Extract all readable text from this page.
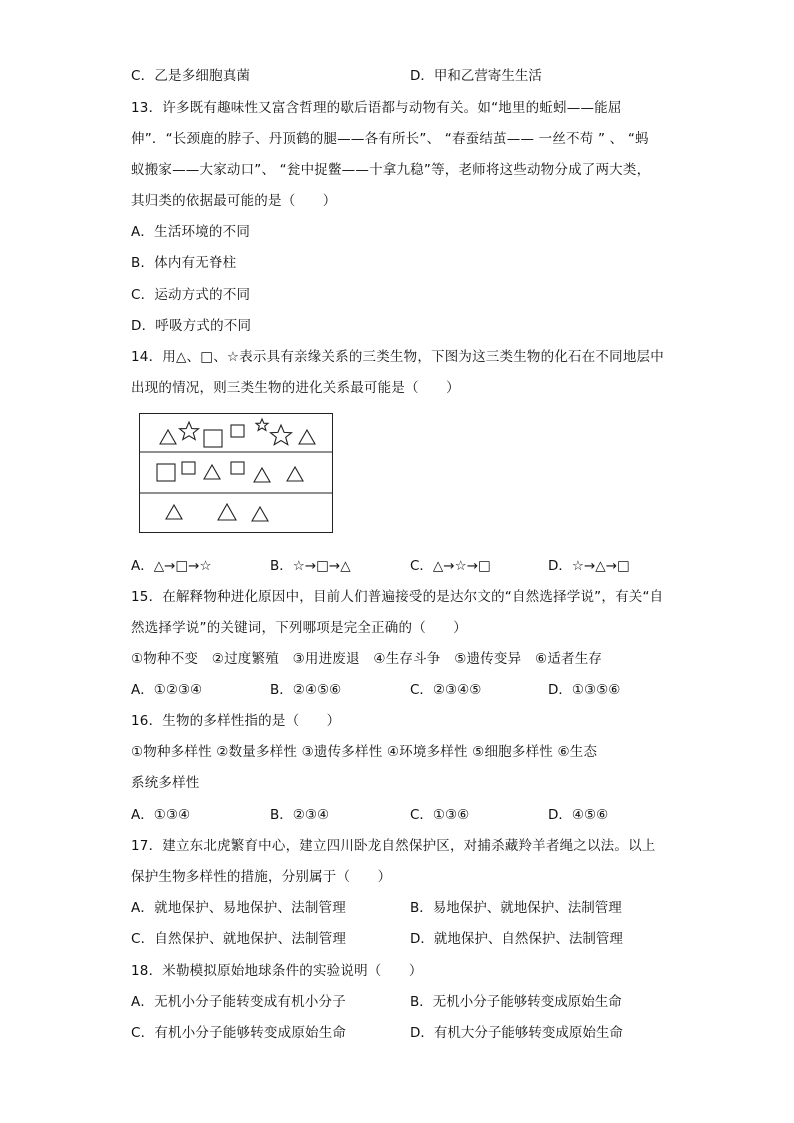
C．乙是多细胞真菌	D．甲和乙营寄生生活
13．许多既有趣味性又富含哲理的歇后语都与动物有关。如“地里的蚯蚓——能屈
伸”．“长颈鹿的脖子、丹顶鹤的腿——各有所长”、 “春蚕结茧—— 一丝不苟 ” 、 “蚂
蚁搬家——大家动口”、 “瓮中捉鳖——十拿九稳”等，老师将这些动物分成了两大类，
其归类的依据最可能的是（　　）
A．生活环境的不同
B．体内有无脊柱
C．运动方式的不同
D．呼吸方式的不同
14．用△、□、☆表示具有亲缘关系的三类生物，下图为这三类生物的化石在不同地层中
出现的情况，则三类生物的进化关系最可能是（　　）
A．△→□→☆	B．☆→□→△	C．△→☆→□	D．☆→△→□
15．在解释物种进化原因中，目前人们普遍接受的是达尔文的“自然选择学说”，有关“自
然选择学说”的关键词，下列哪项是完全正确的（　　）
①物种不变　②过度繁殖　③用进废退　④生存斗争　⑤遗传变异　⑥适者生存
A．①②③④	B．②④⑤⑥	C．②③④⑤	D．①③⑤⑥
16．生物的多样性指的是（　　）
①物种多样性 ②数量多样性 ③遗传多样性 ④环境多样性 ⑤细胞多样性 ⑥生态
系统多样性
A．①③④	B．②③④	C．①③⑥	D．④⑤⑥
17．建立东北虎繁育中心，建立四川卧龙自然保护区，对捕杀藏羚羊者绳之以法。以上
保护生物多样性的措施，分别属于（　　）
A．就地保护、易地保护、法制管理	B．易地保护、就地保护、法制管理
C．自然保护、就地保护、法制管理	D．就地保护、自然保护、法制管理
18．米勒模拟原始地球条件的实验说明（　　）
A．无机小分子能转变成有机小分子	B．无机小分子能够转变成原始生命
C．有机小分子能够转变成原始生命	D．有机大分子能够转变成原始生命
